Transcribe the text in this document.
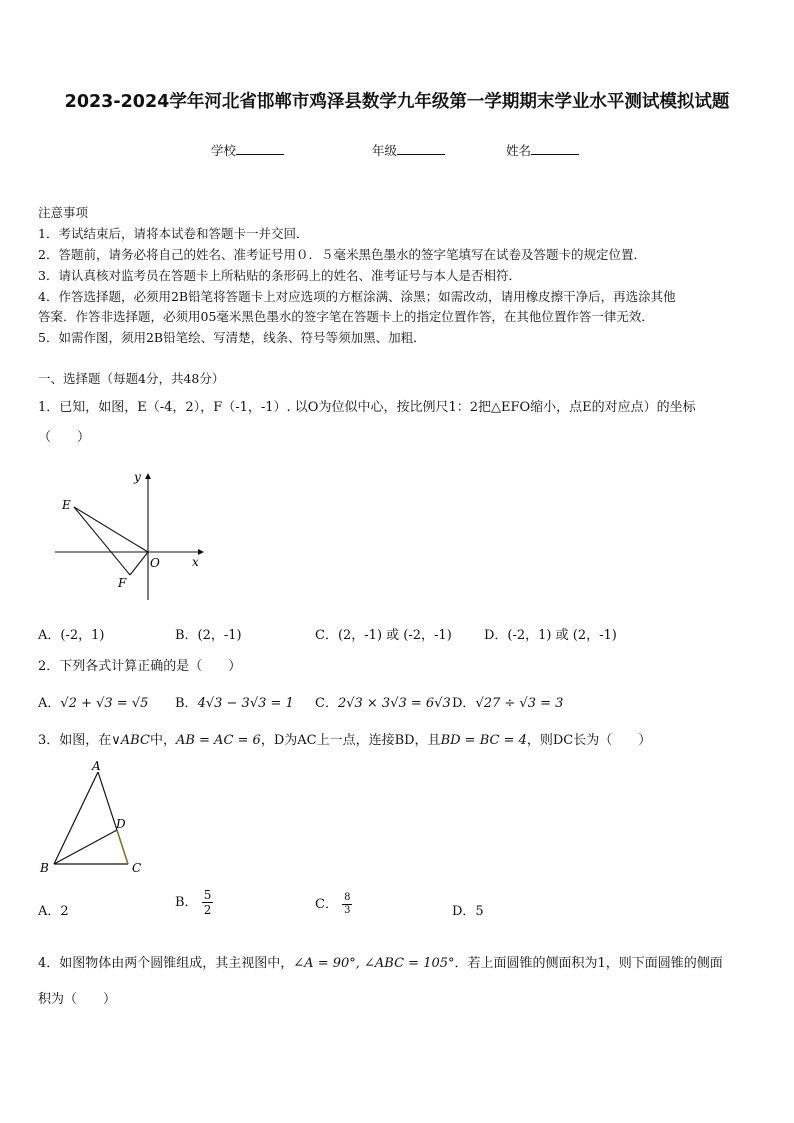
2023-2024学年河北省邯郸市鸡泽县数学九年级第一学期期末学业水平测试模拟试题
学校	年级	姓名
注意事项
1．考试结束后，请将本试卷和答题卡一并交回．
2．答题前，请务必将自己的姓名、准考证号用０．５毫米黑色墨水的签字笔填写在试卷及答题卡的规定位置．
3．请认真核对监考员在答题卡上所粘贴的条形码上的姓名、准考证号与本人是否相符．
4．作答选择题，必须用2B铅笔将答题卡上对应选项的方框涂满、涂黑；如需改动，请用橡皮擦干净后，再选涂其他
答案．作答非选择题，必须用05毫米黑色墨水的签字笔在答题卡上的指定位置作答，在其他位置作答一律无效．
5．如需作图，须用2B铅笔绘、写清楚，线条、符号等须加黑、加粗．
一、选择题（每题4分，共48分）
1．已知，如图，E（-4，2），F（-1，-1）. 以O为位似中心，按比例尺1：2把△EFO缩小，点E的对应点）的坐标
（　　）
E
F
O	x
y
A．(-2，1)	B．(2，-1)	C．(2，-1) 或 (-2，-1) D．(-2，1) 或 (2，-1)
2．下列各式计算正确的是（　　）
A．√2 + √3 = √5 B．4√3 − 3√3 = 1 C．2√3 × 3√3 = 6√3 D．√27 ÷ √3 = 3
3．如图，在∨ABC中，AB = AC = 6，D为AC上一点，连接BD，且BD = BC = 4，则DC长为（　　）
A
B	C
D
A．2
B． $\frac{5}{2}$	C． $\frac{8}{3}$	D．5
4．如图物体由两个圆锥组成，其主视图中，∠A = 90°, ∠ABC = 105°．若上面圆锥的侧面积为1，则下面圆锥的侧面
积为（　　）
